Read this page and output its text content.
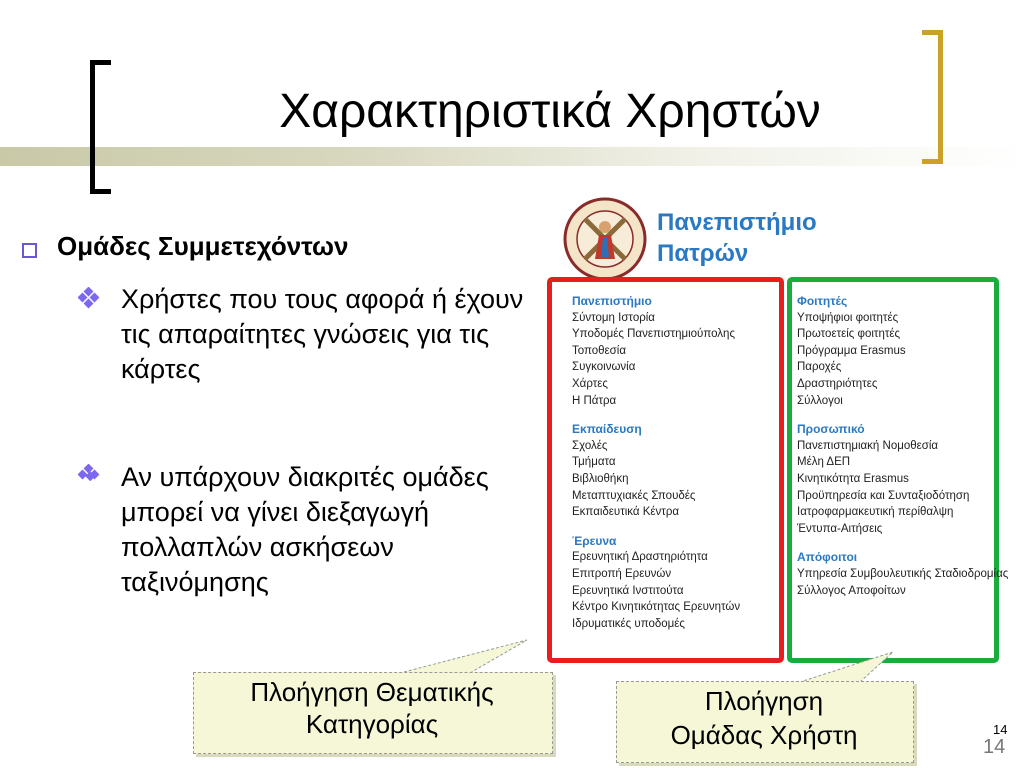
Χαρακτηριστικά Χρηστών
Ομάδες Συμμετεχόντων
Χρήστες που τους αφορά ή έχουν τις απαραίτητες γνώσεις για τις κάρτες
Αν υπάρχουν διακριτές ομάδες μπορεί να γίνει διεξαγωγή πολλαπλών ασκήσεων ταξινόμησης
Πανεπιστήμιο
Πατρών
Πανεπιστήμιο
Σύντομη Ιστορία
Υποδομές Πανεπιστημιούπολης
Τοποθεσία
Συγκοινωνία
Χάρτες
Η Πάτρα
Εκπαίδευση
Σχολές
Τμήματα
Βιβλιοθήκη
Μεταπτυχιακές Σπουδές
Εκπαιδευτικά Κέντρα
Έρευνα
Ερευνητική Δραστηριότητα
Επιτροπή Ερευνών
Ερευνητικά Ινστιτούτα
Κέντρο Κινητικότητας Ερευνητών
Ιδρυματικές υποδομές
Φοιτητές
Υποψήφιοι φοιτητές
Πρωτοετείς φοιτητές
Πρόγραμμα Erasmus
Παροχές
Δραστηριότητες
Σύλλογοι
Προσωπικό
Πανεπιστημιακή Νομοθεσία
Μέλη ΔΕΠ
Κινητικότητα Erasmus
Προϋπηρεσία και Συνταξιοδότηση
Ιατροφαρμακευτική περίθαλψη
Έντυπα-Αιτήσεις
Απόφοιτοι
Υπηρεσία Συμβουλευτικής Σταδιοδρομίας
Σύλλογος Αποφοίτων
Πλοήγηση Θεματικής
Κατηγορίας
Πλοήγηση
Ομάδας Χρήστη	14
14
